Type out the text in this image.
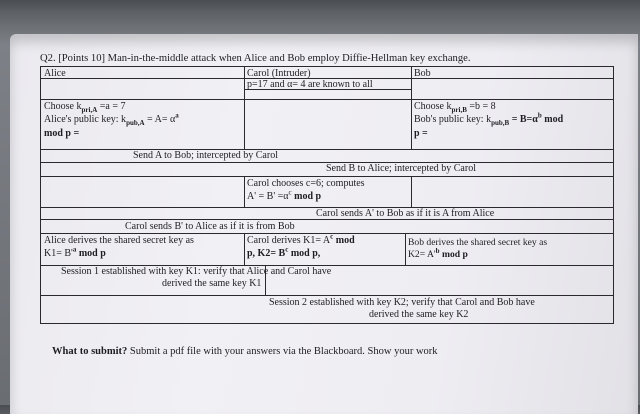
Q2. [Points 10] Man-in-the-middle attack when Alice and Bob employ Diffie-Hellman key exchange.
Alice	Carol (Intruder)	Bob
p=17 and α= 4 are known to all
Choose $k_{pri,A} =a = 7$
Alice's public key: $k_{pub,A} = A= \alpha^a$
mod p =
Choose $k_{pri,B} =b = 8$
Bob's public key: $k_{pub,B} = B=\alpha^b$ mod
p =
Send A to Bob; intercepted by Carol
Send B to Alice; intercepted by Carol
Carol chooses c=6; computes
$A' = B' =\alpha^c$ mod p
Carol sends A' to Bob as if it is A from Alice
Carol sends B' to Alice as if it is from Bob
Alice derives the shared secret key as
$K1= B'^a$ mod p
Carol derives $K1= A^c$ mod
p, $K2= B^c$ mod p,
Bob derives the shared secret key as
$K2= A'^b$ mod p
Session 1 established with key K1: verify that Alice and Carol have
derived the same key K1
Session 2 established with key K2; verify that Carol and Bob have
derived the same key K2
What to submit? Submit a pdf file with your answers via the Blackboard. Show your work
